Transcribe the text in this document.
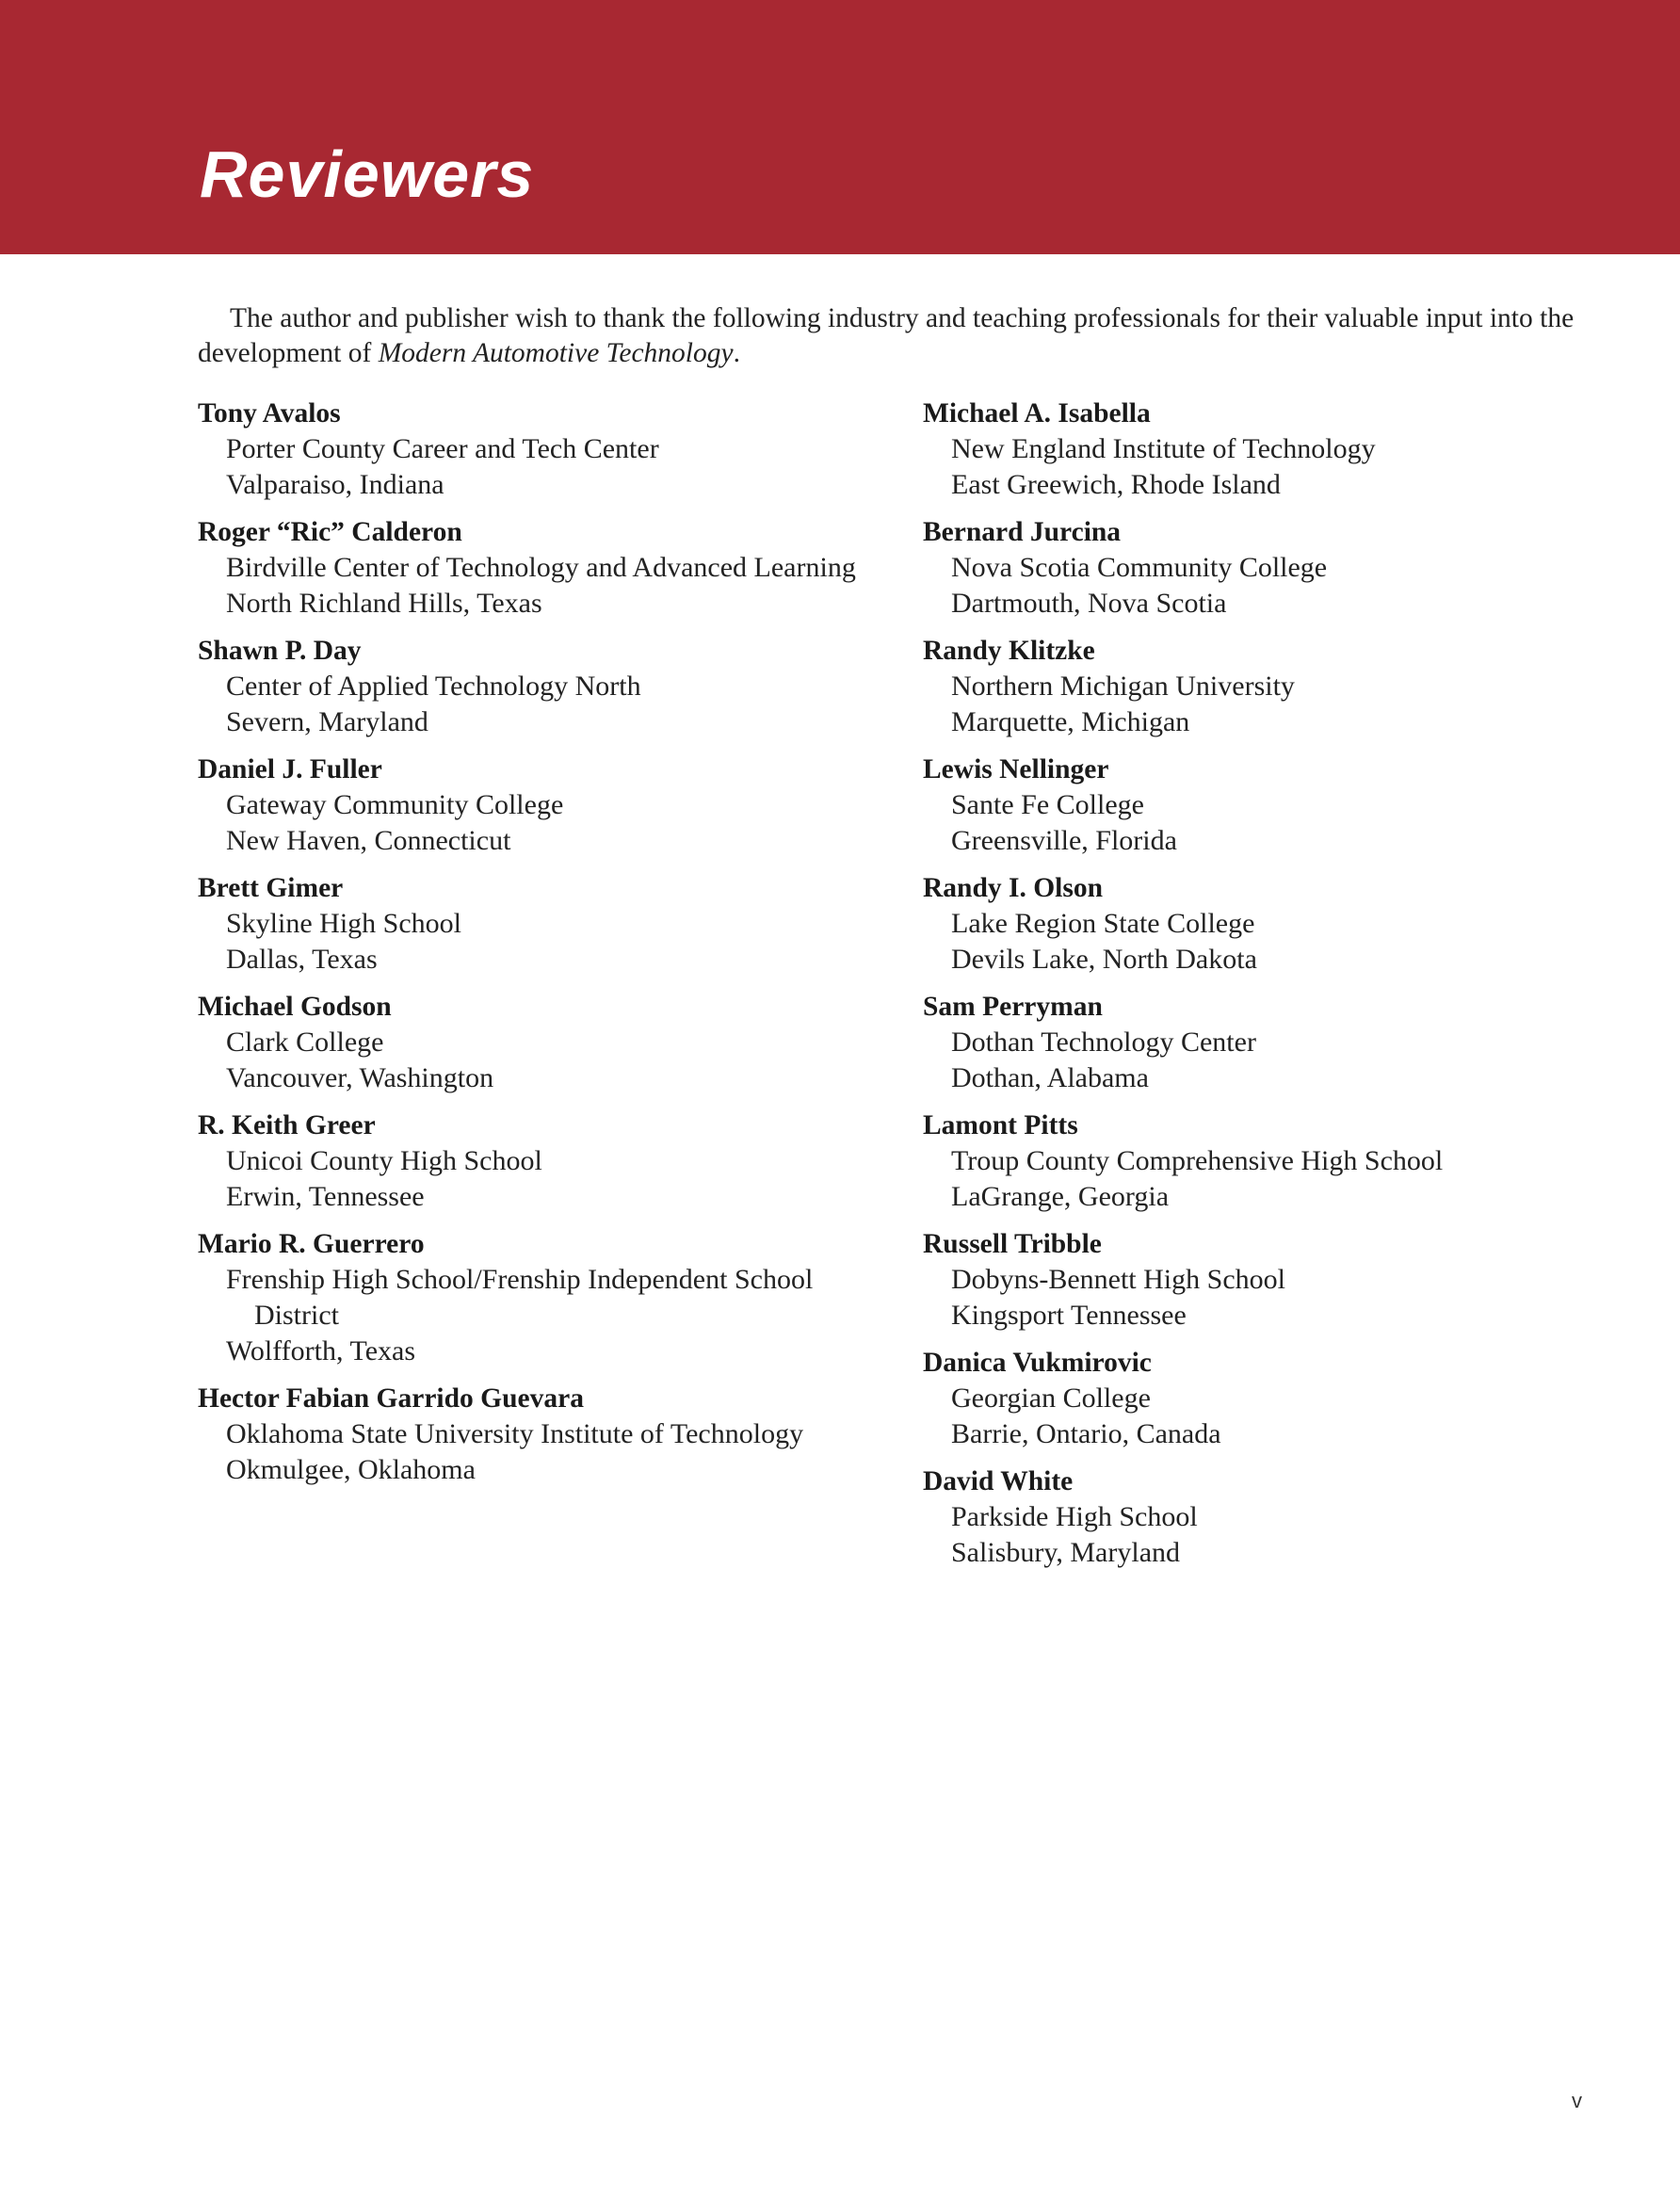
Reviewers

The author and publisher wish to thank the following industry and teaching professionals for their valuable input into the development of Modern Automotive Technology.

Tony Avalos
Porter County Career and Tech Center
Valparaiso, Indiana
Roger “Ric” Calderon
Birdville Center of Technology and Advanced Learning
North Richland Hills, Texas
Shawn P. Day
Center of Applied Technology North
Severn, Maryland
Daniel J. Fuller
Gateway Community College
New Haven, Connecticut
Brett Gimer
Skyline High School
Dallas, Texas
Michael Godson
Clark College
Vancouver, Washington
R. Keith Greer
Unicoi County High School
Erwin, Tennessee
Mario R. Guerrero
Frenship High School/Frenship Independent School District
Wolfforth, Texas
Hector Fabian Garrido Guevara
Oklahoma State University Institute of Technology
Okmulgee, Oklahoma
Michael A. Isabella
New England Institute of Technology
East Greewich, Rhode Island
Bernard Jurcina
Nova Scotia Community College
Dartmouth, Nova Scotia
Randy Klitzke
Northern Michigan University
Marquette, Michigan
Lewis Nellinger
Sante Fe College
Greensville, Florida
Randy I. Olson
Lake Region State College
Devils Lake, North Dakota
Sam Perryman
Dothan Technology Center
Dothan, Alabama
Lamont Pitts
Troup County Comprehensive High School
LaGrange, Georgia
Russell Tribble
Dobyns-Bennett High School
Kingsport Tennessee
Danica Vukmirovic
Georgian College
Barrie, Ontario, Canada
David White
Parkside High School
Salisbury, Maryland
v
